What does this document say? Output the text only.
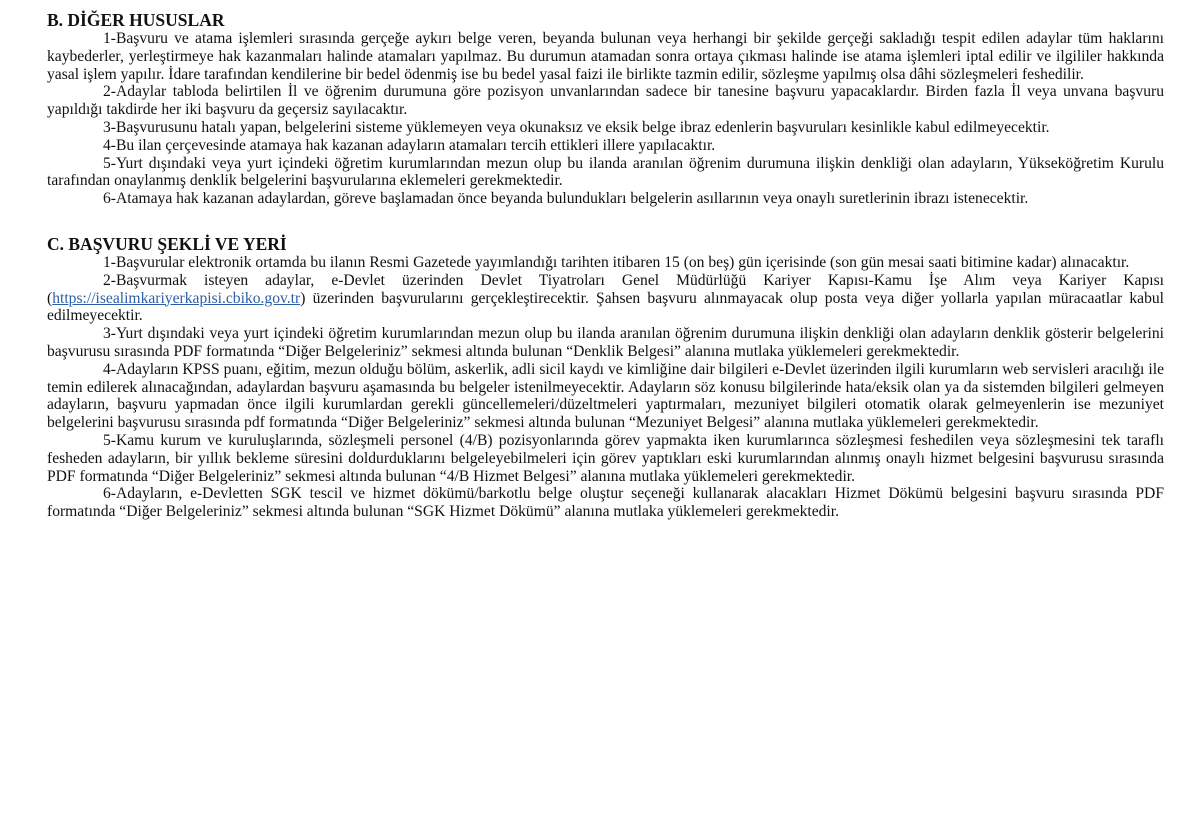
B. DİĞER HUSUSLAR

1-Başvuru ve atama işlemleri sırasında gerçeğe aykırı belge veren, beyanda bulunan veya herhangi bir şekilde gerçeği sakladığı tespit edilen adaylar tüm haklarını kaybederler, yerleştirmeye hak kazanmaları halinde atamaları yapılmaz. Bu durumun atamadan sonra ortaya çıkması halinde ise atama işlemleri iptal edilir ve ilgililer hakkında yasal işlem yapılır. İdare tarafından kendilerine bir bedel ödenmiş ise bu bedel yasal faizi ile birlikte tazmin edilir, sözleşme yapılmış olsa dâhi sözleşmeleri feshedilir.

2-Adaylar tabloda belirtilen İl ve öğrenim durumuna göre pozisyon unvanlarından sadece bir tanesine başvuru yapacaklardır. Birden fazla İl veya unvana başvuru yapıldığı takdirde her iki başvuru da geçersiz sayılacaktır.

3-Başvurusunu hatalı yapan, belgelerini sisteme yüklemeyen veya okunaksız ve eksik belge ibraz edenlerin başvuruları kesinlikle kabul edilmeyecektir.

4-Bu ilan çerçevesinde atamaya hak kazanan adayların atamaları tercih ettikleri illere yapılacaktır.

5-Yurt dışındaki veya yurt içindeki öğretim kurumlarından mezun olup bu ilanda aranılan öğrenim durumuna ilişkin denkliği olan adayların, Yükseköğretim Kurulu tarafından onaylanmış denklik belgelerini başvurularına eklemeleri gerekmektedir.

6-Atamaya hak kazanan adaylardan, göreve başlamadan önce beyanda bulundukları belgelerin asıllarının veya onaylı suretlerinin ibrazı istenecektir.

C. BAŞVURU ŞEKLİ VE YERİ

1-Başvurular elektronik ortamda bu ilanın Resmi Gazetede yayımlandığı tarihten itibaren 15 (on beş) gün içerisinde (son gün mesai saati bitimine kadar) alınacaktır.

2-Başvurmak isteyen adaylar, e-Devlet üzerinden Devlet Tiyatroları Genel Müdürlüğü Kariyer Kapısı-Kamu İşe Alım veya Kariyer Kapısı (https://isealimkariyerkapisi.cbiko.gov.tr) üzerinden başvurularını gerçekleştirecektir. Şahsen başvuru alınmayacak olup posta veya diğer yollarla yapılan müracaatlar kabul edilmeyecektir.

3-Yurt dışındaki veya yurt içindeki öğretim kurumlarından mezun olup bu ilanda aranılan öğrenim durumuna ilişkin denkliği olan adayların denklik gösterir belgelerini başvurusu sırasında PDF formatında “Diğer Belgeleriniz” sekmesi altında bulunan “Denklik Belgesi” alanına mutlaka yüklemeleri gerekmektedir.

4-Adayların KPSS puanı, eğitim, mezun olduğu bölüm, askerlik, adli sicil kaydı ve kimliğine dair bilgileri e-Devlet üzerinden ilgili kurumların web servisleri aracılığı ile temin edilerek alınacağından, adaylardan başvuru aşamasında bu belgeler istenilmeyecektir. Adayların söz konusu bilgilerinde hata/eksik olan ya da sistemden bilgileri gelmeyen adayların, başvuru yapmadan önce ilgili kurumlardan gerekli güncellemeleri/düzeltmeleri yaptırmaları, mezuniyet bilgileri otomatik olarak gelmeyenlerin ise mezuniyet belgelerini başvurusu sırasında pdf formatında “Diğer Belgeleriniz” sekmesi altında bulunan “Mezuniyet Belgesi” alanına mutlaka yüklemeleri gerekmektedir.

5-Kamu kurum ve kuruluşlarında, sözleşmeli personel (4/B) pozisyonlarında görev yapmakta iken kurumlarınca sözleşmesi feshedilen veya sözleşmesini tek taraflı fesheden adayların, bir yıllık bekleme süresini doldurduklarını belgeleyebilmeleri için görev yaptıkları eski kurumlarından alınmış onaylı hizmet belgesini başvurusu sırasında PDF formatında “Diğer Belgeleriniz” sekmesi altında bulunan “4/B Hizmet Belgesi” alanına mutlaka yüklemeleri gerekmektedir.

6-Adayların, e-Devletten SGK tescil ve hizmet dökümü/barkotlu belge oluştur seçeneği kullanarak alacakları Hizmet Dökümü belgesini başvuru sırasında PDF formatında “Diğer Belgeleriniz” sekmesi altında bulunan “SGK Hizmet Dökümü” alanına mutlaka yüklemeleri gerekmektedir.
